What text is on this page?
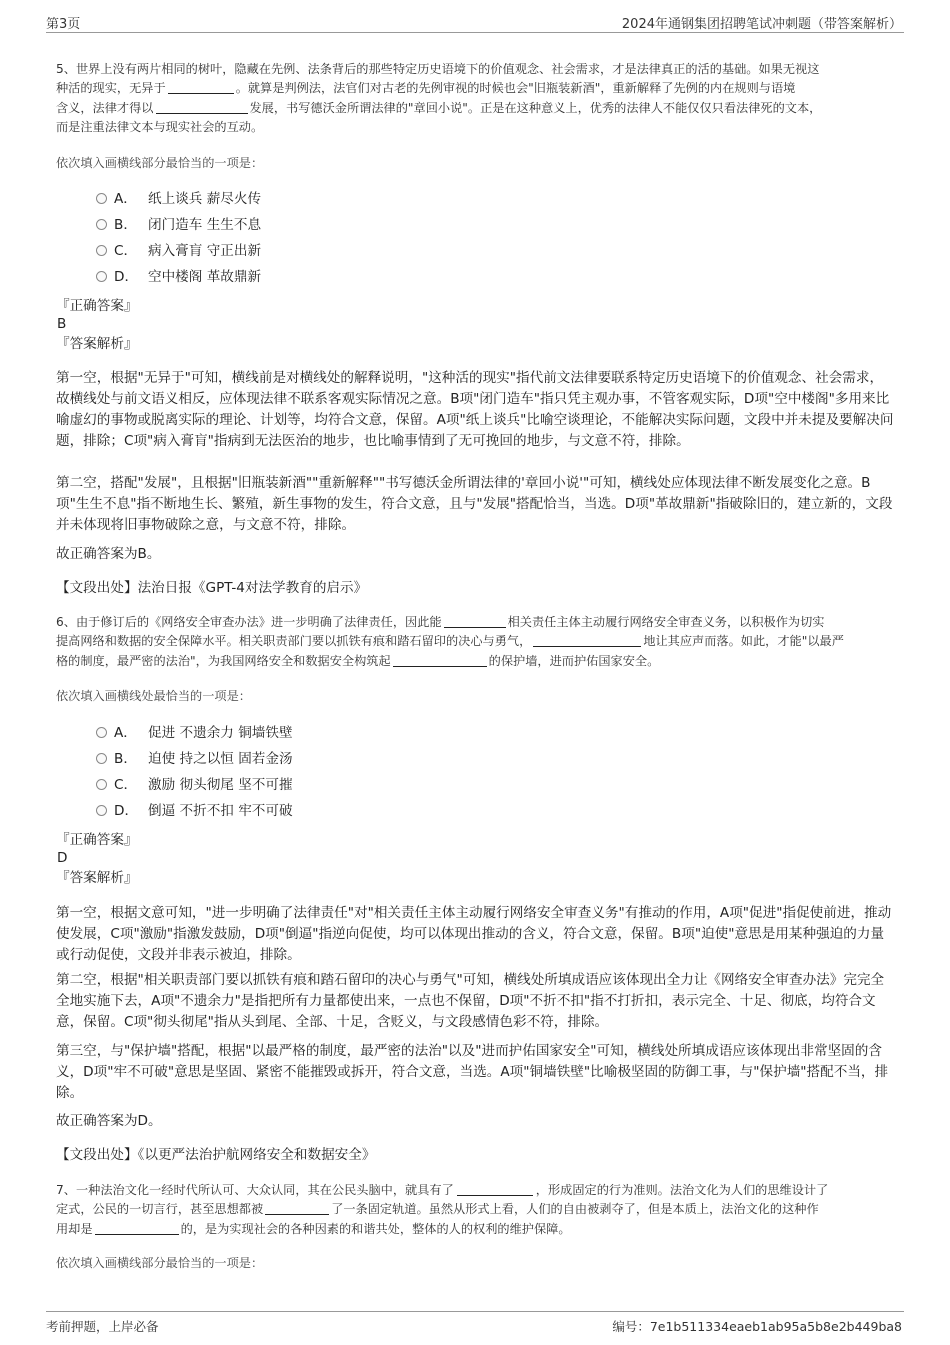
第3页	2024年通钢集团招聘笔试冲刺题（带答案解析）
5、世界上没有两片相同的树叶，隐藏在先例、法条背后的那些特定历史语境下的价值观念、社会需求，才是法律真正的活的基础。如果无视这
种活的现实，无异于	。就算是判例法，法官们对古老的先例审视的时候也会"旧瓶装新酒"，重新解释了先例的内在规则与语境
含义，法律才得以	发展，书写德沃金所谓法律的"章回小说"。正是在这种意义上，优秀的法律人不能仅仅只看法律死的文本，
而是注重法律文本与现实社会的互动。
依次填入画横线部分最恰当的一项是：
A． 纸上谈兵 薪尽火传
B． 闭门造车 生生不息
C． 病入膏肓 守正出新
D． 空中楼阁 革故鼎新
『正确答案』
B
『答案解析』
第一空，根据"无异于"可知，横线前是对横线处的解释说明，"这种活的现实"指代前文法律要联系特定历史语境下的价值观念、社会需求，故横线处与前文语义相反，应体现法律不联系客观实际情况之意。B项"闭门造车"指只凭主观办事，不管客观实际，D项"空中楼阁"多用来比喻虚幻的事物或脱离实际的理论、计划等，均符合文意，保留。A项"纸上谈兵"比喻空谈理论，不能解决实际问题，文段中并未提及要解决问题，排除；C项"病入膏肓"指病到无法医治的地步，也比喻事情到了无可挽回的地步，与文意不符，排除。
第二空，搭配"发展"，且根据"旧瓶装新酒""重新解释""书写德沃金所谓法律的'章回小说'"可知，横线处应体现法律不断发展变化之意。B项"生生不息"指不断地生长、繁殖，新生事物的发生，符合文意，且与"发展"搭配恰当，当选。D项"革故鼎新"指破除旧的，建立新的，文段并未体现将旧事物破除之意，与文意不符，排除。
故正确答案为B。
【文段出处】法治日报《GPT-4对法学教育的启示》
6、由于修订后的《网络安全审查办法》进一步明确了法律责任，因此能	相关责任主体主动履行网络安全审查义务，以积极作为切实
提高网络和数据的安全保障水平。相关职责部门要以抓铁有痕和踏石留印的决心与勇气，	地让其应声而落。如此，才能"以最严
格的制度，最严密的法治"，为我国网络安全和数据安全构筑起	的保护墙，进而护佑国家安全。
依次填入画横线处最恰当的一项是：
A． 促进 不遗余力 铜墙铁壁
B． 迫使 持之以恒 固若金汤
C． 激励 彻头彻尾 坚不可摧
D． 倒逼 不折不扣 牢不可破
『正确答案』
D
『答案解析』
第一空，根据文意可知，"进一步明确了法律责任"对"相关责任主体主动履行网络安全审查义务"有推动的作用，A项"促进"指促使前进，推动使发展，C项"激励"指激发鼓励，D项"倒逼"指逆向促使，均可以体现出推动的含义，符合文意，保留。B项"迫使"意思是用某种强迫的力量或行动促使，文段并非表示被迫，排除。
第二空，根据"相关职责部门要以抓铁有痕和踏石留印的决心与勇气"可知，横线处所填成语应该体现出全力让《网络安全审查办法》完完全全地实施下去，A项"不遗余力"是指把所有力量都使出来，一点也不保留，D项"不折不扣"指不打折扣，表示完全、十足、彻底，均符合文意，保留。C项"彻头彻尾"指从头到尾、全部、十足，含贬义，与文段感情色彩不符，排除。
第三空，与"保护墙"搭配，根据"以最严格的制度，最严密的法治"以及"进而护佑国家安全"可知，横线处所填成语应该体现出非常坚固的含义，D项"牢不可破"意思是坚固、紧密不能摧毁或拆开，符合文意，当选。A项"铜墙铁壁"比喻极坚固的防御工事，与"保护墙"搭配不当，排除。
故正确答案为D。
【文段出处】《以更严法治护航网络安全和数据安全》
7、一种法治文化一经时代所认可、大众认同，其在公民头脑中，就具有了	，形成固定的行为准则。法治文化为人们的思维设计了
定式，公民的一切言行，甚至思想都被	了一条固定轨道。虽然从形式上看，人们的自由被剥夺了，但是本质上，法治文化的这种作
用却是	的，是为实现社会的各种因素的和谐共处，整体的人的权利的维护保障。
依次填入画横线部分最恰当的一项是：
考前押题，上岸必备	编号：7e1b511334eaeb1ab95a5b8e2b449ba8
